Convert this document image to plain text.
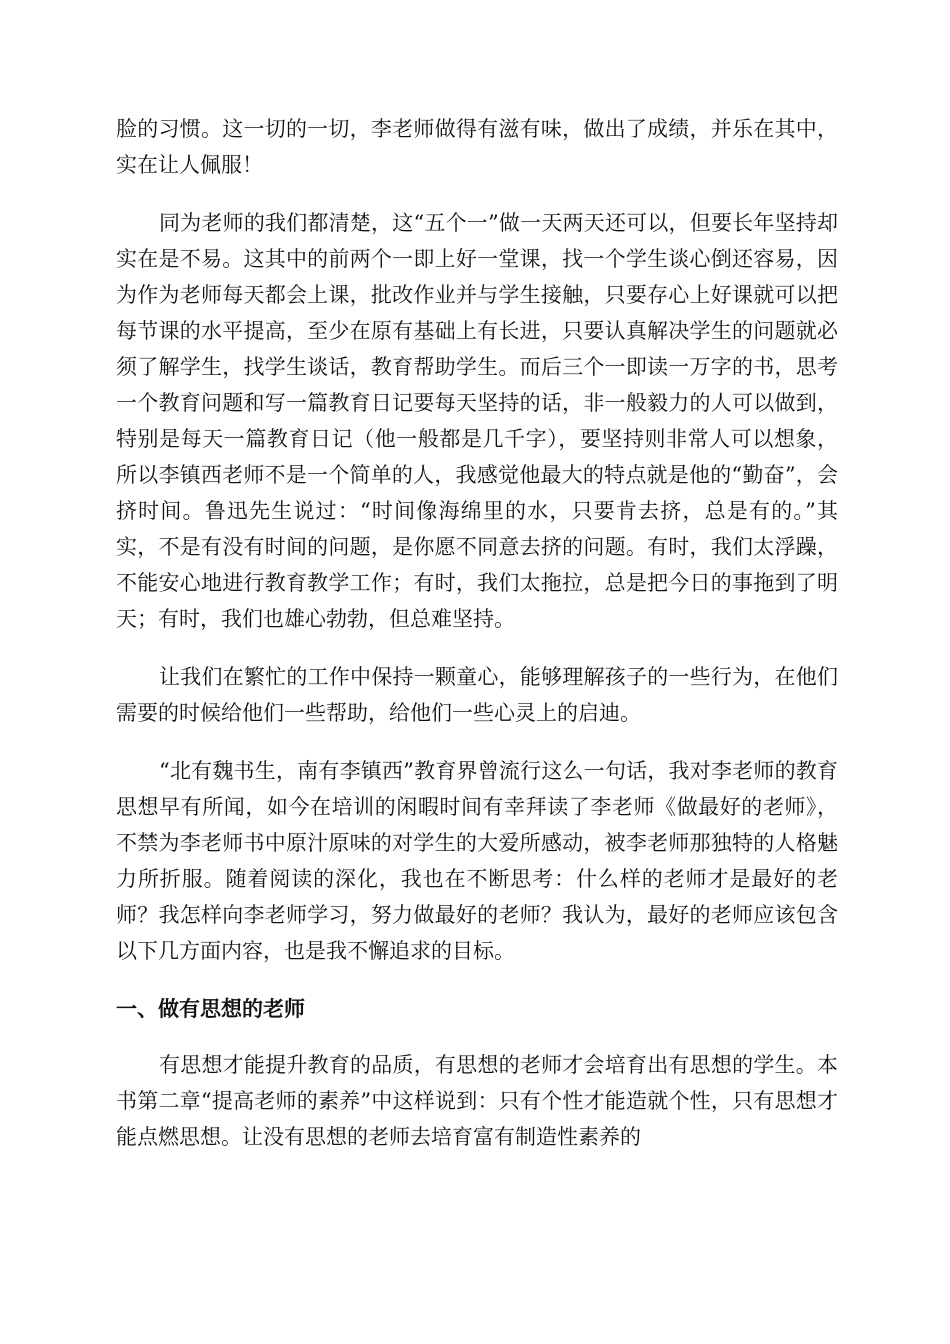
脸的习惯。这一切的一切，李老师做得有滋有味，做出了成绩，并乐在其中，实在让人佩服！

同为老师的我们都清楚，这“五个一”做一天两天还可以，但要长年坚持却实在是不易。这其中的前两个一即上好一堂课，找一个学生谈心倒还容易，因为作为老师每天都会上课，批改作业并与学生接触，只要存心上好课就可以把每节课的水平提高，至少在原有基础上有长进，只要认真解决学生的问题就必须了解学生，找学生谈话，教育帮助学生。而后三个一即读一万字的书，思考一个教育问题和写一篇教育日记要每天坚持的话，非一般毅力的人可以做到，特别是每天一篇教育日记（他一般都是几千字），要坚持则非常人可以想象，所以李镇西老师不是一个简单的人，我感觉他最大的特点就是他的“勤奋”，会挤时间。鲁迅先生说过：“时间像海绵里的水，只要肯去挤，总是有的。”其实，不是有没有时间的问题，是你愿不同意去挤的问题。有时，我们太浮躁，不能安心地进行教育教学工作；有时，我们太拖拉，总是把今日的事拖到了明天；有时，我们也雄心勃勃，但总难坚持。

让我们在繁忙的工作中保持一颗童心，能够理解孩子的一些行为，在他们需要的时候给他们一些帮助，给他们一些心灵上的启迪。

“北有魏书生，南有李镇西”教育界曾流行这么一句话，我对李老师的教育思想早有所闻，如今在培训的闲暇时间有幸拜读了李老师《做最好的老师》，不禁为李老师书中原汁原味的对学生的大爱所感动，被李老师那独特的人格魅力所折服。随着阅读的深化，我也在不断思考：什么样的老师才是最好的老师？我怎样向李老师学习，努力做最好的老师？我认为，最好的老师应该包含以下几方面内容，也是我不懈追求的目标。

一、做有思想的老师

有思想才能提升教育的品质，有思想的老师才会培育出有思想的学生。本书第二章“提高老师的素养”中这样说到：只有个性才能造就个性，只有思想才能点燃思想。让没有思想的老师去培育富有制造性素养的
